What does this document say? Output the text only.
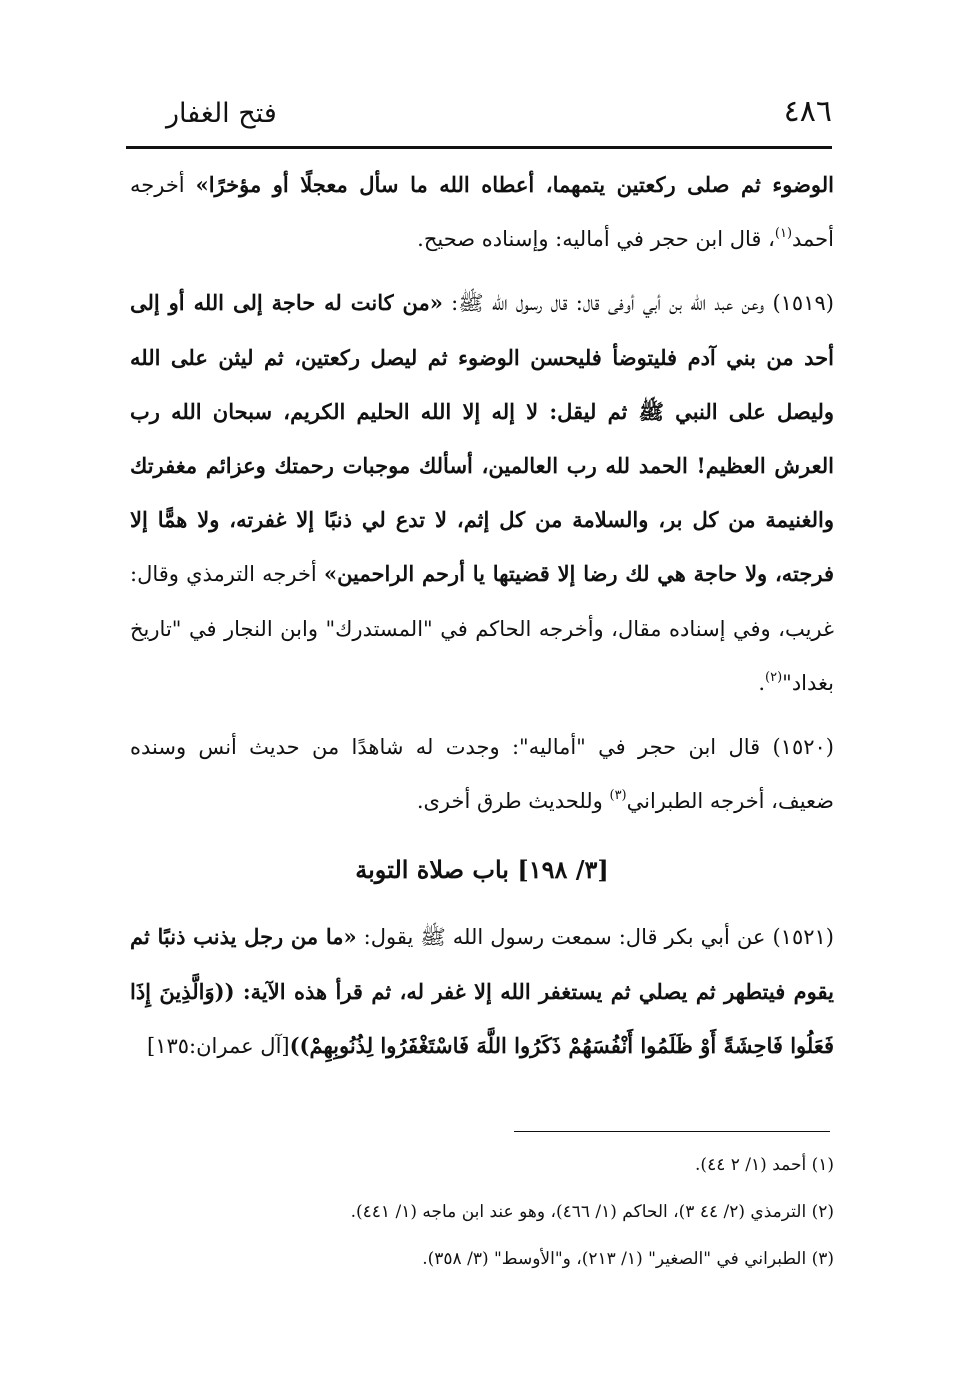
٤٨٦
فتح الغفار

الوضوء ثم صلى ركعتين يتمهما، أعطاه الله ما سأل معجلًا أو مؤخرًا» أخرجه أحمد$^{(١)}$، قال ابن حجر في أماليه: وإسناده صحيح.

(١٥١٩) وعن عبد الله بن أبي أوفى قال: قال رسول الله ﷺ: «من كانت له حاجة إلى الله أو إلى أحد من بني آدم فليتوضأ فليحسن الوضوء ثم ليصل ركعتين، ثم ليثن على الله وليصل على النبي ﷺ ثم ليقل: لا إله إلا الله الحليم الكريم، سبحان الله رب العرش العظيم! الحمد لله رب العالمين، أسألك موجبات رحمتك وعزائم مغفرتك والغنيمة من كل بر، والسلامة من كل إثم، لا تدع لي ذنبًا إلا غفرته، ولا همًّا إلا فرجته، ولا حاجة هي لك رضا إلا قضيتها يا أرحم الراحمين» أخرجه الترمذي وقال: غريب، وفي إسناده مقال، وأخرجه الحاكم في "المستدرك" وابن النجار في "تاريخ بغداد"$^{(٢)}$.

(١٥٢٠) قال ابن حجر في "أماليه": وجدت له شاهدًا من حديث أنس وسنده ضعيف، أخرجه الطبراني$^{(٣)}$ وللحديث طرق أخرى.

[٣/ ١٩٨] باب صلاة التوبة

(١٥٢١) عن أبي بكر قال: سمعت رسول الله ﷺ يقول: «ما من رجل يذنب ذنبًا ثم يقوم فيتطهر ثم يصلي ثم يستغفر الله إلا غفر له، ثم قرأ هذه الآية: ((وَالَّذِينَ إِذَا فَعَلُوا فَاحِشَةً أَوْ ظَلَمُوا أَنْفُسَهُمْ ذَكَرُوا اللَّهَ فَاسْتَغْفَرُوا لِذُنُوبِهِمْ))[آل عمران:١٣٥]

(١) أحمد (١/ ٢ ٤٤).

(٢) الترمذي (٢/ ٤٤ ٣)، الحاكم (١/ ٤٦٦)، وهو عند ابن ماجه (١/ ٤٤١).

(٣) الطبراني في "الصغير" (١/ ٢١٣)، و"الأوسط" (٣/ ٣٥٨).
